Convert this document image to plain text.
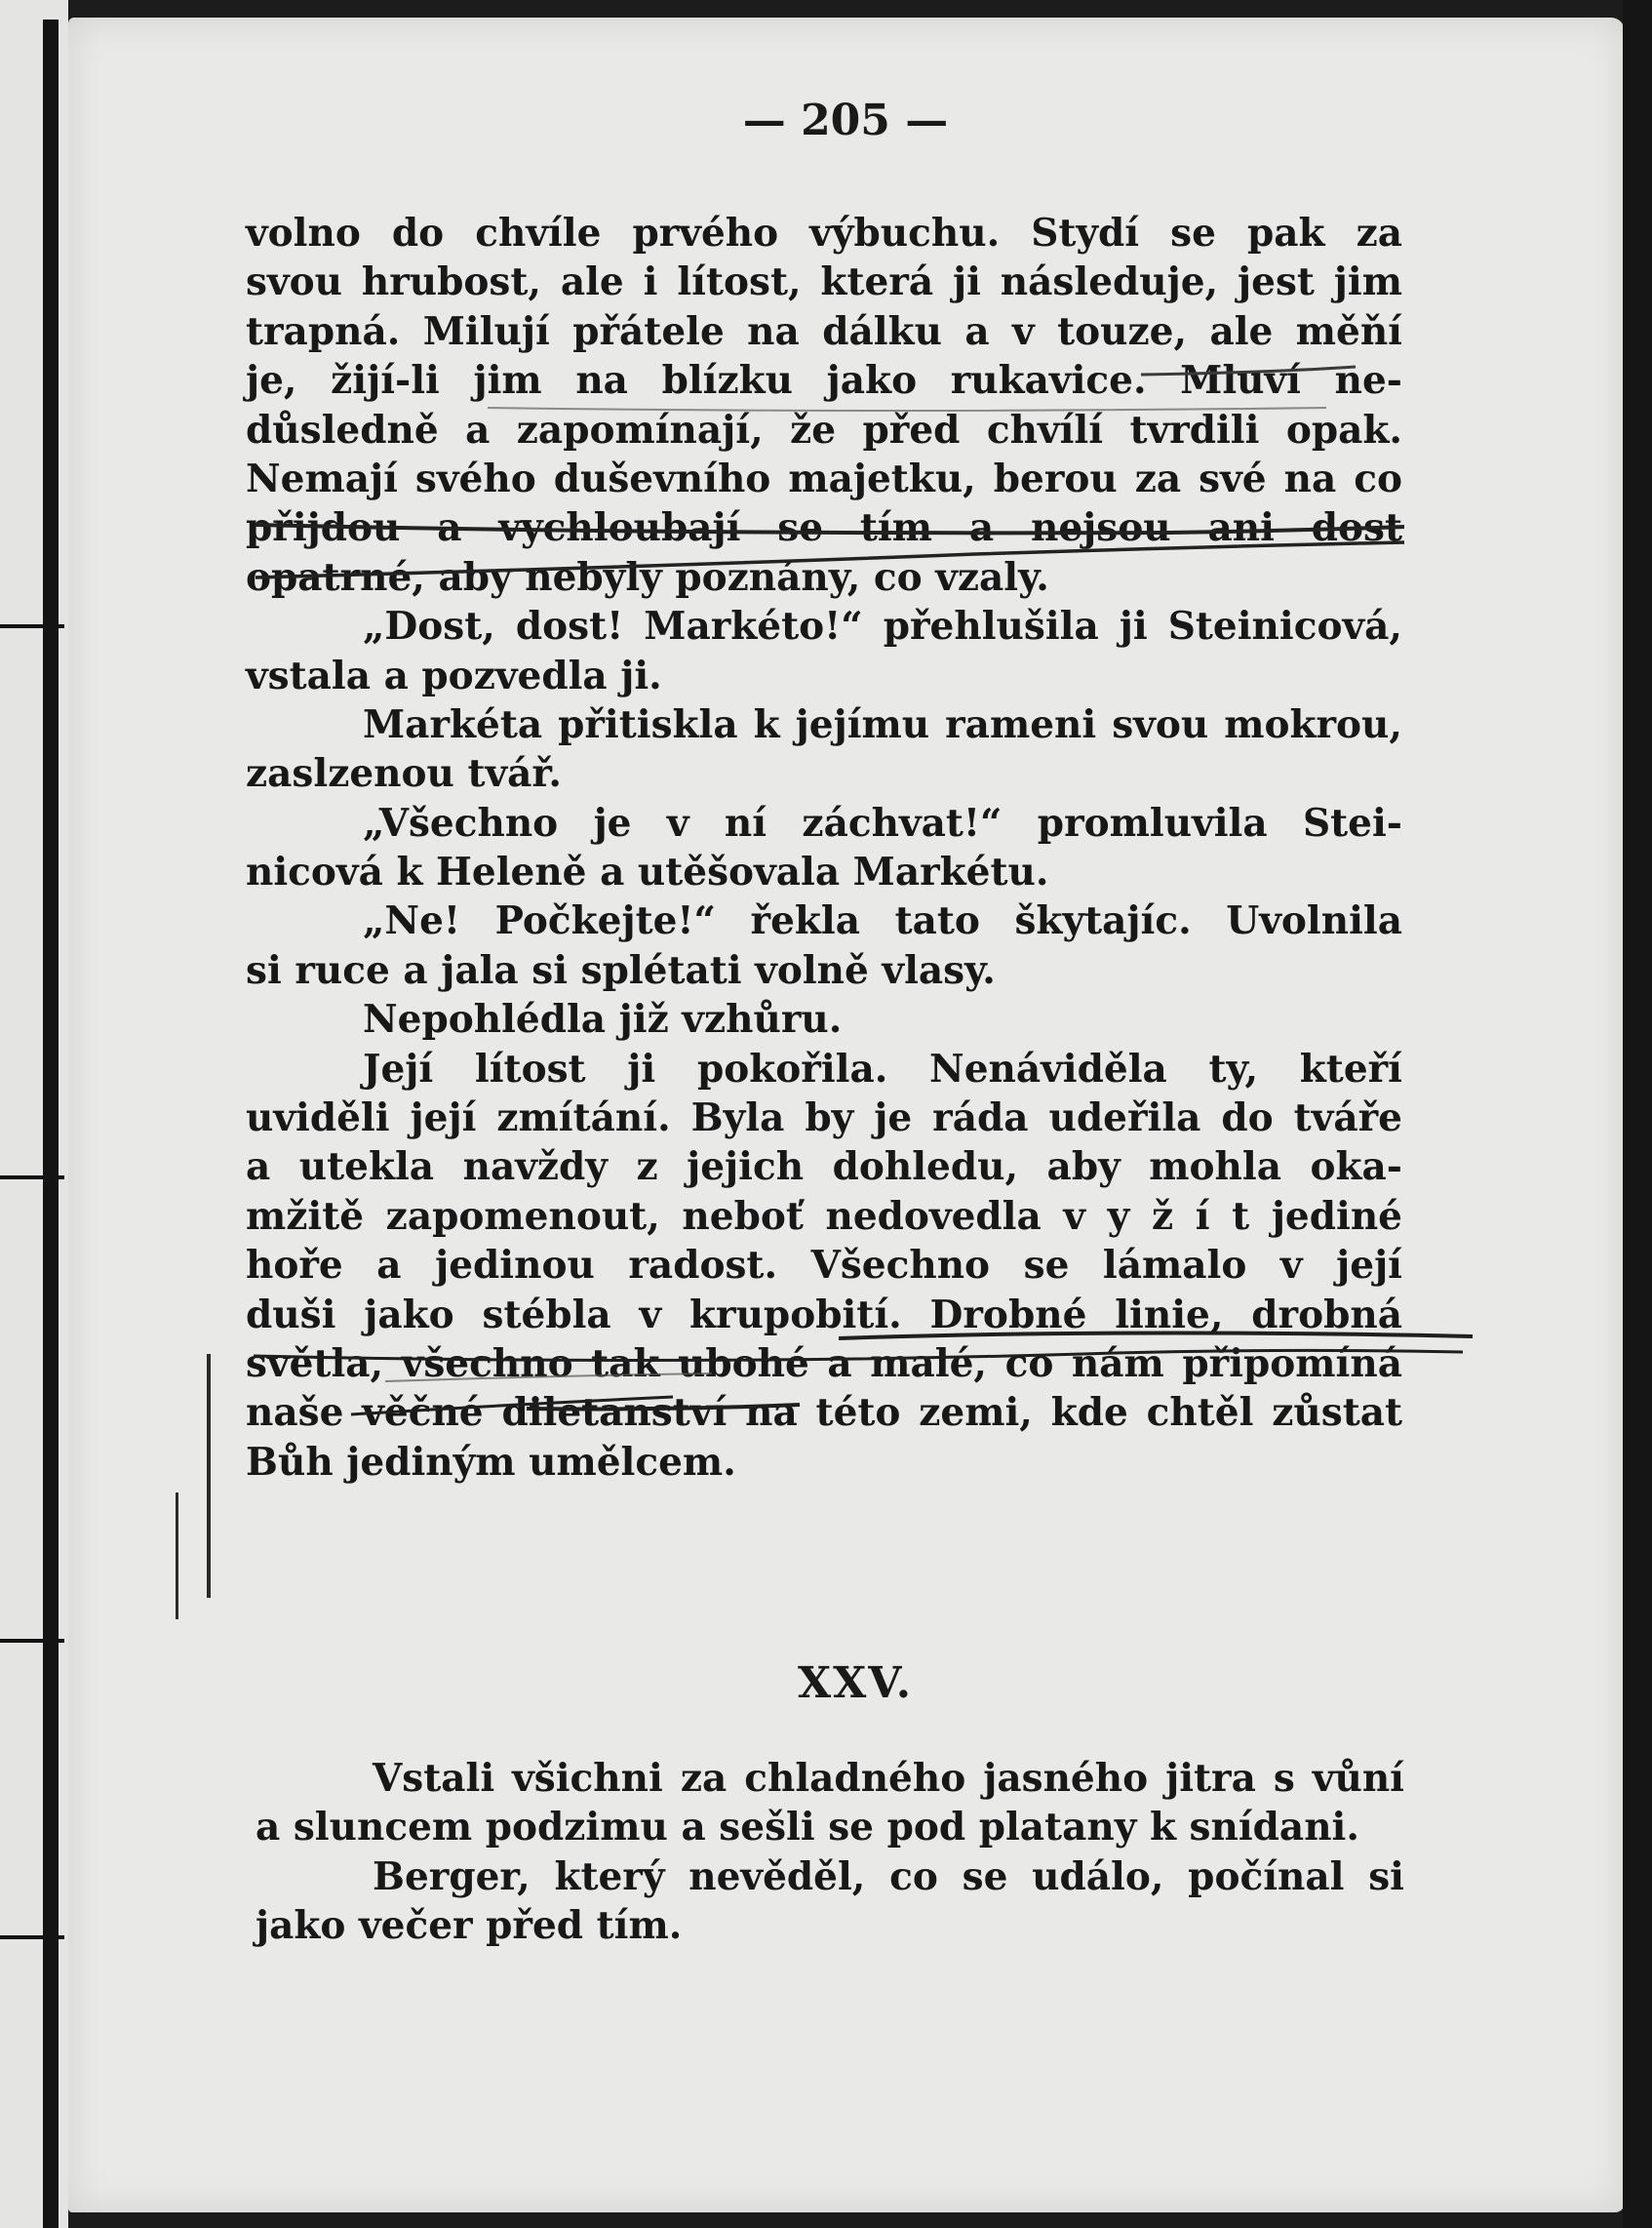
— 205 —
volno do chvíle prvého výbuchu. Stydí se pak za
svou hrubost, ale i lítost, která ji následuje, jest jim
trapná. Milují přátele na dálku a v touze, ale měňí
je, žijí-li jim na blízku jako rukavice. Mluví ne-
důsledně a zapomínají, že před chvílí tvrdili opak.
Nemají svého duševního majetku, berou za své na co
přijdou a vychloubají se tím a nejsou ani dost
opatrné, aby nebyly poznány, co vzaly.
„Dost, dost! Markéto!“ přehlušila ji Steinicová,
vstala a pozvedla ji.
Markéta přitiskla k jejímu rameni svou mokrou,
zaslzenou tvář.
„Všechno je v ní záchvat!“ promluvila Stei-
nicová k Heleně a utěšovala Markétu.
„Ne! Počkejte!“ řekla tato škytajíc. Uvolnila
si ruce a jala si splétati volně vlasy.
Nepohlédla již vzhůru.
Její lítost ji pokořila. Nenáviděla ty, kteří
uviděli její zmítání. Byla by je ráda udeřila do tváře
a utekla navždy z jejich dohledu, aby mohla oka-
mžitě zapomenout, neboť nedovedla v y ž í t jediné
hoře a jedinou radost. Všechno se lámalo v její
duši jako stébla v krupobití. Drobné linie, drobná
světla, všechno tak ubohé a malé, co nám připomíná
naše věčné diletanství na této zemi, kde chtěl zůstat
Bůh jediným umělcem.
XXV.
Vstali všichni za chladného jasného jitra s vůní
a sluncem podzimu a sešli se pod platany k snídani.
Berger, který nevěděl, co se událo, počínal si
jako večer před tím.
